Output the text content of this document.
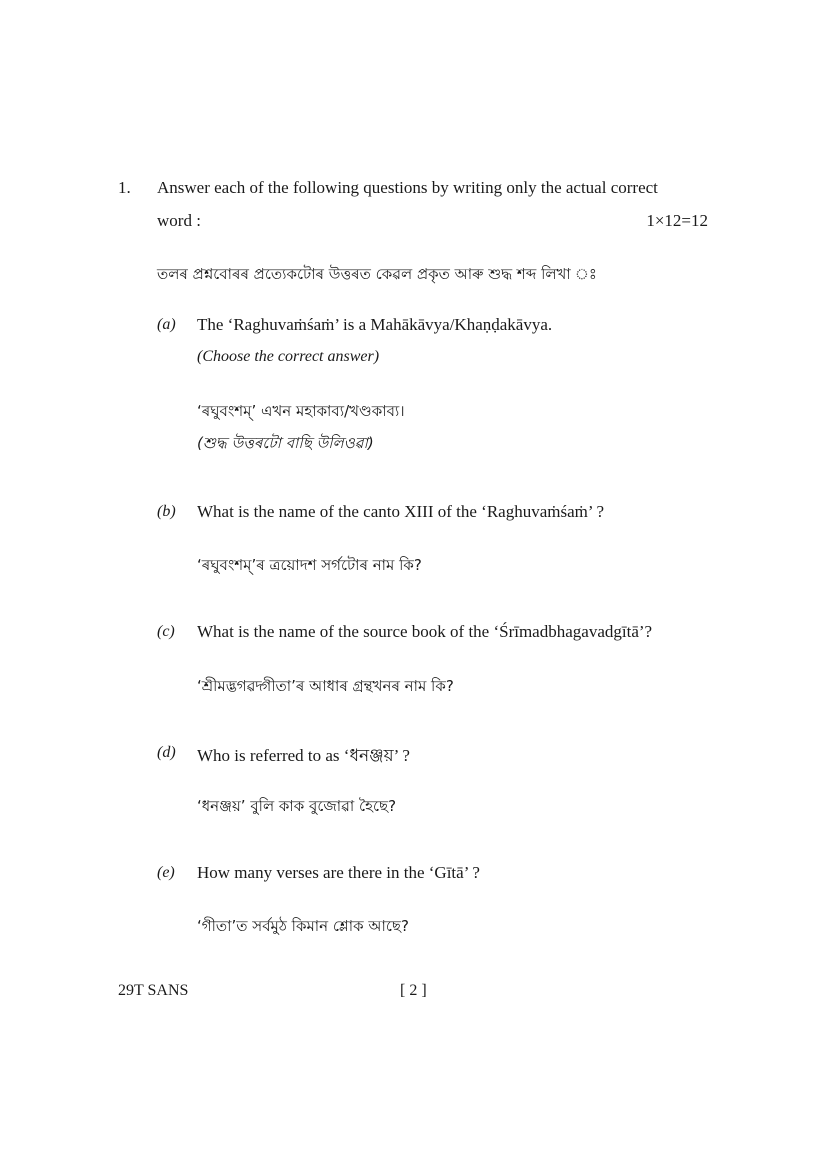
1. Answer each of the following questions by writing only the actual correct
word :	1×12=12
তলৰ প্ৰশ্নবোৰৰ প্ৰত্যেকটোৰ উত্তৰত কেৱল প্ৰকৃত আৰু শুদ্ধ শব্দ লিখা ঃ
(a) The ‘Raghuvaṁśaṁ’ is a Mahākāvya/Khaṇḍakāvya.
(Choose the correct answer)
‘ৰঘুবংশম্’ এখন মহাকাব্য/খণ্ডকাব্য।
(শুদ্ধ উত্তৰটো বাছি উলিওৱা)
(b) What is the name of the canto XIII of the ‘Raghuvaṁśaṁ’ ?
‘ৰঘুবংশম্’ৰ ত্ৰয়োদশ সৰ্গটোৰ নাম কি?
(c) What is the name of the source book of the ‘Śrīmadbhagavadgītā’?
‘শ্ৰীমদ্ভগৱদ্গীতা’ৰ আধাৰ গ্ৰন্থখনৰ নাম কি?
(d) Who is referred to as ‘ধনঞ্জয়’ ?
‘ধনঞ্জয়’ বুলি কাক বুজোৱা হৈছে?
(e) How many verses are there in the ‘Gītā’ ?
‘গীতা’ত সৰ্বমুঠ কিমান শ্লোক আছে?
29T SANS	[ 2 ]
